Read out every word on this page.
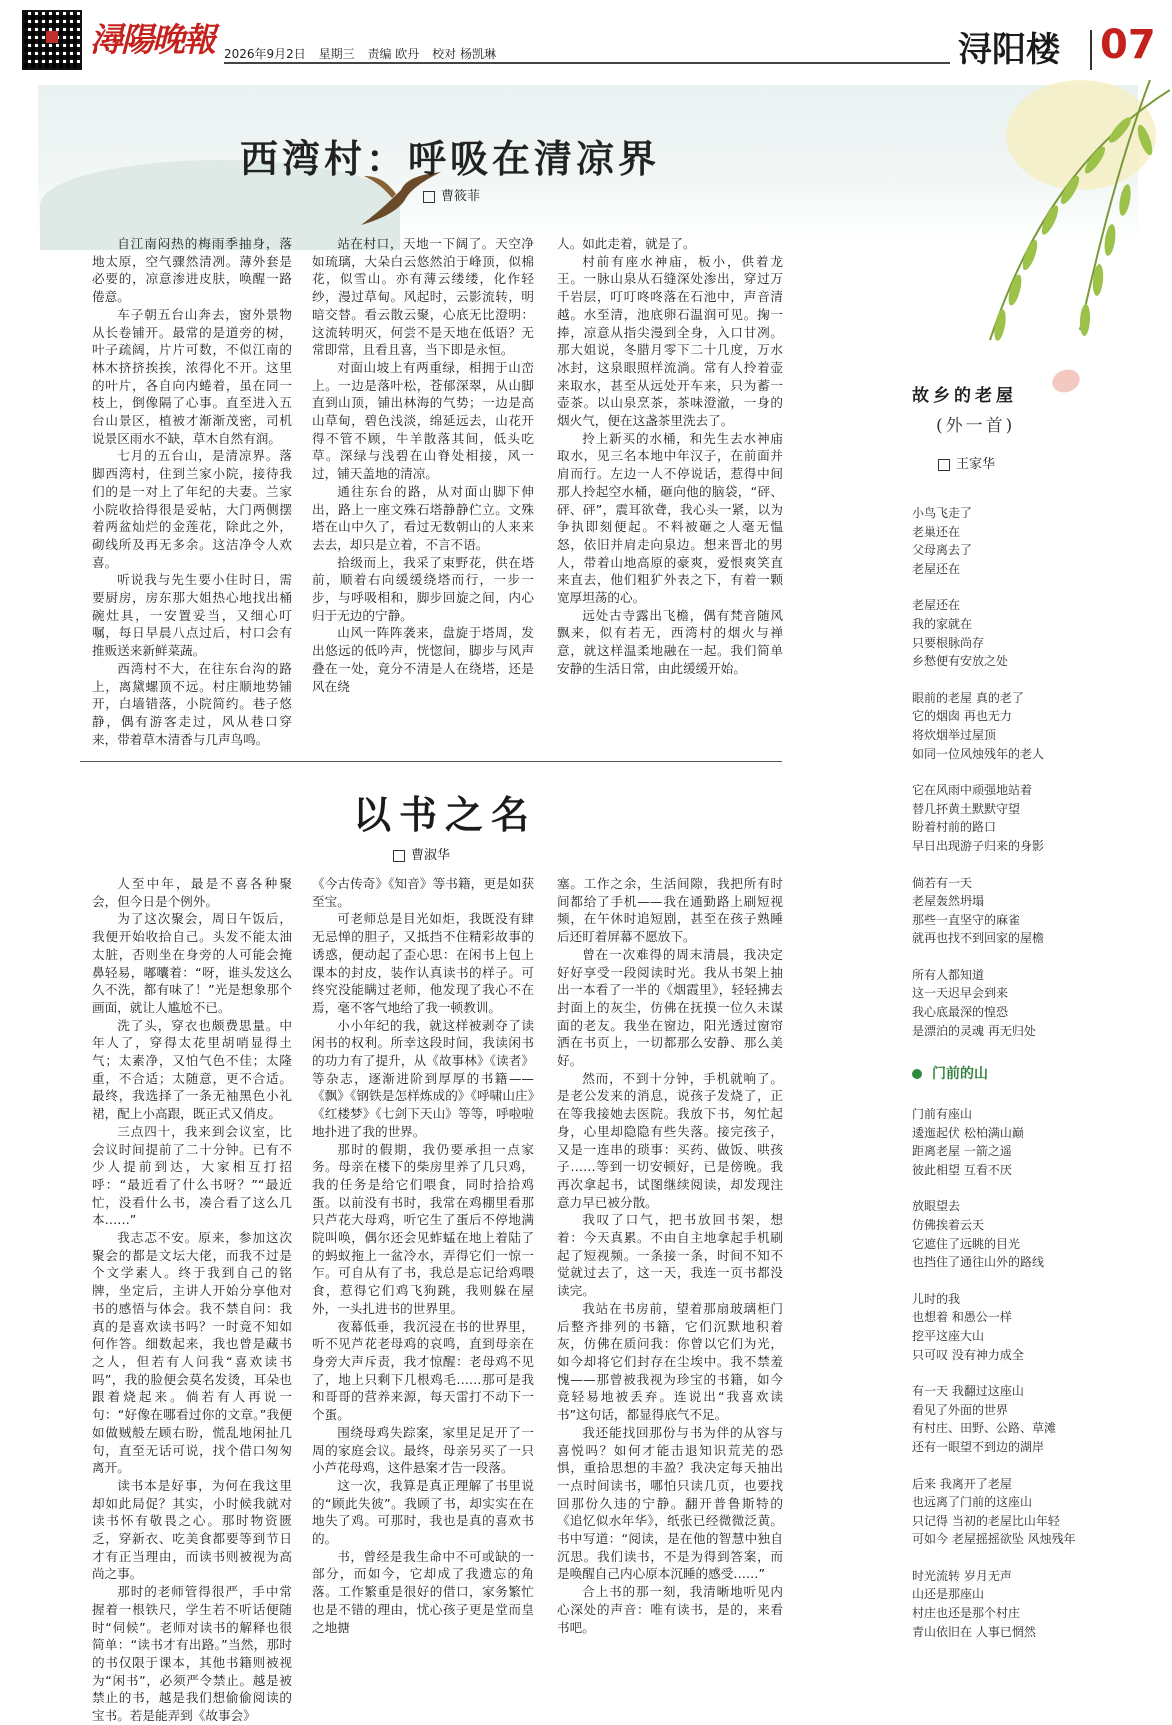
潯陽晚報 2026年9月2日 星期三 责编 欧丹 校对 杨凯琳	浔阳楼 07
西湾村：呼吸在清凉界
曹筱菲

自江南闷热的梅雨季抽身，落地太原，空气骤然清冽。薄外套是必要的，凉意渗进皮肤，唤醒一路倦意。

车子朝五台山奔去，窗外景物从长卷铺开。最常的是道旁的树，叶子疏阔，片片可数，不似江南的林木挤挤挨挨，浓得化不开。这里的叶片，各自向内蜷着，虽在同一枝上，倒像隔了心事。直至进入五台山景区，植被才渐渐茂密，司机说景区雨水不缺，草木自然有润。

七月的五台山，是清凉界。落脚西湾村，住到兰家小院，接待我们的是一对上了年纪的夫妻。兰家小院收拾得很是妥帖，大门两侧摆着两盆灿烂的金莲花，除此之外，砌线所及再无多余。这洁净令人欢喜。

听说我与先生要小住时日，需要厨房，房东那大姐热心地找出桶碗灶具，一安置妥当，又细心叮嘱，每日早晨八点过后，村口会有推贩送来新鲜菜蔬。

西湾村不大，在往东台沟的路上，离黛螺顶不远。村庄顺地势铺开，白墙错落，小院简约。巷子悠静，偶有游客走过，风从巷口穿来，带着草木清香与几声鸟鸣。

站在村口，天地一下阔了。天空净如琉璃，大朵白云悠然泊于峰顶，似棉花，似雪山。亦有薄云缕缕，化作轻纱，漫过草甸。风起时，云影流转，明暗交替。看云散云聚，心底无比澄明：这流转明灭，何尝不是天地在低语？无常即常，且看且喜，当下即是永恒。

对面山坡上有两重绿，相拥于山峦上。一边是落叶松，苍郁深翠，从山脚直到山顶，铺出林海的气势；一边是高山草甸，碧色浅淡，绵延远去，山花开得不管不顾，牛羊散落其间，低头吃草。深绿与浅碧在山脊处相接，风一过，铺天盖地的清凉。

通往东台的路，从对面山脚下伸出，路上一座文殊石塔静静伫立。文殊塔在山中久了，看过无数朝山的人来来去去，却只是立着，不言不语。

拾级而上，我采了束野花，供在塔前，顺着右向缓缓绕塔而行，一步一步，与呼吸相和，脚步回旋之间，内心归于无边的宁静。

山风一阵阵袭来，盘旋于塔周，发出悠远的低吟声，恍惚间，脚步与风声叠在一处，竟分不清是人在绕塔，还是风在绕

人。如此走着，就是了。

村前有座水神庙，板小，供着龙王。一脉山泉从石缝深处渗出，穿过万千岩层，叮叮咚咚落在石池中，声音清越。水至清，池底卵石温润可见。掬一捧，凉意从指尖漫到全身，入口甘冽。那大姐说，冬腊月零下二十几度，万水冰封，这泉眼照样流淌。常有人拎着壶来取水，甚至从远处开车来，只为蓄一壶茶。以山泉烹茶，茶味澄澈，一身的烟火气，便在这盏茶里洗去了。

拎上新买的水桶，和先生去水神庙取水，见三名本地中年汉子，在前面并肩而行。左边一人不停说话，惹得中间那人拎起空水桶，砸向他的脑袋，“砰、砰、砰”，震耳欲聋，我心头一紧，以为争执即刻便起。不料被砸之人毫无愠怒，依旧并肩走向泉边。想来晋北的男人，带着山地高原的豪爽，爱恨爽笑直来直去，他们粗犷外表之下，有着一颗宽厚坦荡的心。

远处古寺露出飞檐，偶有梵音随风飘来，似有若无，西湾村的烟火与禅意，就这样温柔地融在一起。我们简单安静的生活日常，由此缓缓开始。

以书之名
曹淑华

人至中年，最是不喜各种聚会，但今日是个例外。

为了这次聚会，周日午饭后，我便开始收拾自己。头发不能太油太脏，否则坐在身旁的人可能会掩鼻轻易，嘟囔着：“呀，谁头发这么久不洗，都有味了！”光是想象那个画面，就让人尴尬不已。

洗了头，穿衣也颇费思量。中年人了，穿得太花里胡哨显得土气；太素净，又怕气色不佳；太隆重，不合适；太随意，更不合适。最终，我选择了一条无袖黑色小礼裙，配上小高跟，既正式又俏皮。

三点四十，我来到会议室，比会议时间提前了二十分钟。已有不少人提前到达，大家相互打招呼：“最近看了什么书呀？”“最近忙，没看什么书，凑合看了这么几本……”

我志忑不安。原来，参加这次聚会的都是文坛大佬，而我不过是个文学素人。终于我到自己的铭牌，坐定后，主讲人开始分享他对书的感悟与体会。我不禁自问：我真的是喜欢读书吗？一时竟不知如何作答。细数起来，我也曾是藏书之人，但若有人问我“喜欢读书吗”，我的脸便会莫名发烫，耳朵也跟着烧起来。倘若有人再说一句：“好像在哪看过你的文章。”我便如做贼般左顾右盼，慌乱地闲扯几句，直至无话可说，找个借口匆匆离开。

读书本是好事，为何在我这里却如此局促？其实，小时候我就对读书怀有敬畏之心。那时物资匮乏，穿新衣、吃美食都要等到节日才有正当理由，而读书则被视为高尚之事。

那时的老师管得很严，手中常握着一根铁尺，学生若不听话便随时“伺候”。老师对读书的解释也很简单：“读书才有出路。”当然，那时的书仅限于课本，其他书籍则被视为“闲书”，必须严令禁止。越是被禁止的书，越是我们想偷偷阅读的宝书。若是能弄到《故事会》

《今古传奇》《知音》等书籍，更是如获至宝。

可老师总是目光如炬，我既没有肆无忌惮的胆子，又抵挡不住精彩故事的诱惑，便动起了歪心思：在闲书上包上课本的封皮，装作认真读书的样子。可终究没能瞒过老师，他发现了我心不在焉，毫不客气地给了我一顿教训。

小小年纪的我，就这样被剥夺了读闲书的权利。所幸这段时间，我读闲书的功力有了提升，从《故事林》《读者》等杂志，逐渐进阶到厚厚的书籍——《飘》《钢铁是怎样炼成的》《呼啸山庄》《红楼梦》《七剑下天山》等等，呼啦啦地扑进了我的世界。

那时的假期，我仍要承担一点家务。母亲在楼下的柴房里养了几只鸡，我的任务是给它们喂食，同时拾拾鸡蛋。以前没有书时，我常在鸡棚里看那只芦花大母鸡，听它生了蛋后不停地满院叫唤，偶尔还会见蚱蜢在地上着陆了的蚂蚁拖上一盆冷水，弄得它们一惊一乍。可自从有了书，我总是忘记给鸡喂食，惹得它们鸡飞狗跳，我则躲在屋外，一头扎进书的世界里。

夜幕低垂，我沉浸在书的世界里，听不见芦花老母鸡的哀鸣，直到母亲在身旁大声斥责，我才惊醒：老母鸡不见了，地上只剩下几根鸡毛……那可是我和哥哥的营养来源，每天雷打不动下一个蛋。

围绕母鸡失踪案，家里足足开了一周的家庭会议。最终，母亲另买了一只小芦花母鸡，这件悬案才告一段落。

这一次，我算是真正理解了书里说的“顾此失彼”。我顾了书，却实实在在地失了鸡。可那时，我也是真的喜欢书的。

书，曾经是我生命中不可或缺的一部分，而如今，它却成了我遗忘的角落。工作繁重是很好的借口，家务繁忙也是不错的理由，忧心孩子更是堂而皇之地搪

塞。工作之余，生活间隙，我把所有时间都给了手机——我在通勤路上刷短视频，在午休时追短剧，甚至在孩子熟睡后还盯着屏幕不愿放下。

曾在一次难得的周末清晨，我决定好好享受一段阅读时光。我从书架上抽出一本看了一半的《烟霞里》，轻轻拂去封面上的灰尘，仿佛在抚摸一位久未谋面的老友。我坐在窗边，阳光透过窗帘洒在书页上，一切都那么安静、那么美好。

然而，不到十分钟，手机就响了。是老公发来的消息，说孩子发烧了，正在等我接她去医院。我放下书，匆忙起身，心里却隐隐有些失落。接完孩子，又是一连串的琐事：买药、做饭、哄孩子……等到一切安顿好，已是傍晚。我再次拿起书，试图继续阅读，却发现注意力早已被分散。

我叹了口气，把书放回书架，想着：今天真累。不由自主地拿起手机刷起了短视频。一条接一条，时间不知不觉就过去了，这一天，我连一页书都没读完。

我站在书房前，望着那扇玻璃柜门后整齐排列的书籍，它们沉默地积着灰，仿佛在质问我：你曾以它们为光，如今却将它们封存在尘埃中。我不禁羞愧——那曾被我视为珍宝的书籍，如今竟轻易地被丢弃。连说出“我喜欢读书”这句话，都显得底气不足。

我还能找回那份与书为伴的从容与喜悦吗？如何才能击退知识荒芜的恐惧，重拾思想的丰盈？我决定每天抽出一点时间读书，哪怕只读几页，也要找回那份久违的宁静。翻开普鲁斯特的《追忆似水年华》，纸张已经微微泛黄。书中写道：“阅读，是在他的智慧中独自沉思。我们读书，不是为得到答案，而是唤醒自己内心原本沉睡的感受……”

合上书的那一刻，我清晰地听见内心深处的声音：唯有读书，是的，来看书吧。

故乡的老屋
(外一首)
王家华
小鸟飞走了
老巢还在
父母离去了
老屋还在
老屋还在
我的家就在
只要根脉尚存
乡愁便有安放之处
眼前的老屋 真的老了
它的烟囱 再也无力
将炊烟举过屋顶
如同一位风烛残年的老人
它在风雨中顽强地站着
替几抔黄土默默守望
盼着村前的路口
早日出现游子归来的身影
倘若有一天
老屋轰然坍塌
那些一直坚守的麻雀
就再也找不到回家的屋檐
所有人都知道
这一天迟早会到来
我心底最深的惶恐
是漂泊的灵魂 再无归处
门前的山
门前有座山
逶迤起伏 松柏满山巅
距离老屋 一箭之遥
彼此相望 互看不厌
放眼望去
仿佛挨着云天
它遮住了远眺的目光
也挡住了通往山外的路线
儿时的我
也想着 和愚公一样
挖平这座大山
只可叹 没有神力成全
有一天 我翻过这座山
看见了外面的世界
有村庄、田野、公路、草滩
还有一眼望不到边的湖岸
后来 我离开了老屋
也远离了门前的这座山
只记得 当初的老屋比山年轻
可如今 老屋摇摇欲坠 风烛残年
时光流转 岁月无声
山还是那座山
村庄也还是那个村庄
青山依旧在 人事已惘然
